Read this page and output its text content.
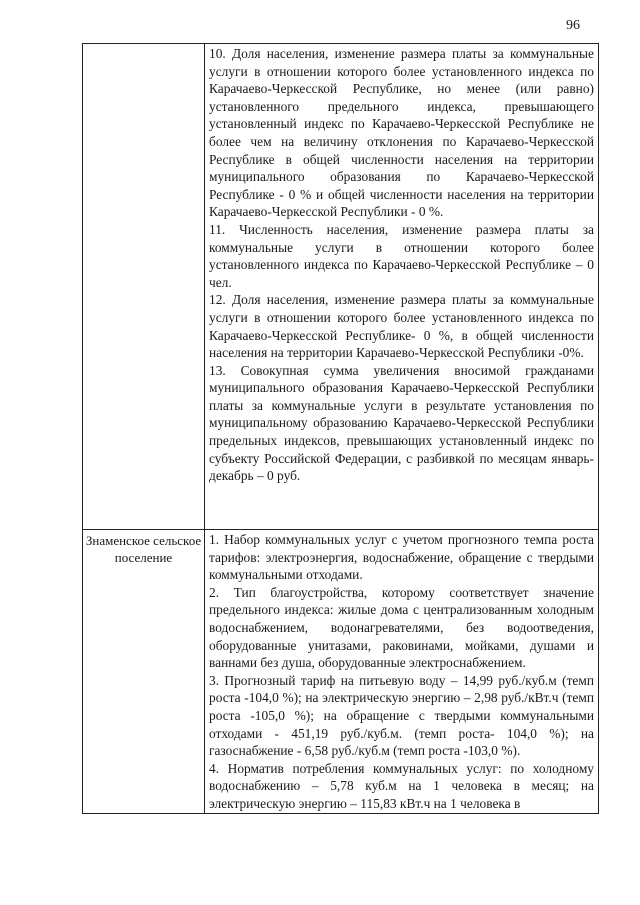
96

	10. Доля населения, изменение размера платы за коммунальные услуги в отношении которого более установленного индекса по Карачаево-Черкесской Республике, но менее (или равно) установленного предельного индекса, превышающего установленный индекс по Карачаево-Черкесской Республике не более чем на величину отклонения по Карачаево-Черкесской Республике в общей численности населения на территории муниципального образования по Карачаево-Черкесской Республике - 0 % и общей численности населения на территории Карачаево-Черкесской Республики - 0 %.
11. Численность населения, изменение размера платы за коммунальные услуги в отношении которого более установленного индекса по Карачаево-Черкесской Республике – 0 чел.
12. Доля населения, изменение размера платы за коммунальные услуги в отношении которого более установленного индекса по Карачаево-Черкесской Республике- 0 %, в общей численности населения на территории Карачаево-Черкесской Республики -0%.
13. Совокупная сумма увеличения вносимой гражданами муниципального образования Карачаево-Черкесской Республики платы за коммунальные услуги в результате установления по муниципальному образованию Карачаево-Черкесской Республики предельных индексов, превышающих установленный индекс по субъекту Российской Федерации, с разбивкой по месяцам январь-декабрь – 0 руб.

Знаменское сельское поселение	1. Набор коммунальных услуг с учетом прогнозного темпа роста тарифов: электроэнергия, водоснабжение, обращение с твердыми коммунальными отходами.
2. Тип благоустройства, которому соответствует значение предельного индекса: жилые дома с централизованным холодным водоснабжением, водонагревателями, без водоотведения, оборудованные унитазами, раковинами, мойками, душами и ваннами без душа, оборудованные электроснабжением.
3. Прогнозный тариф на питьевую воду – 14,99 руб./куб.м (темп роста -104,0 %); на электрическую энергию – 2,98 руб./кВт.ч (темп роста -105,0 %); на обращение с твердыми коммунальными отходами - 451,19 руб./куб.м. (темп роста- 104,0 %); на газоснабжение - 6,58 руб./куб.м (темп роста -103,0 %).
4. Норматив потребления коммунальных услуг: по холодному водоснабжению – 5,78 куб.м на 1 человека в месяц; на электрическую энергию – 115,83 кВт.ч на 1 человека в
